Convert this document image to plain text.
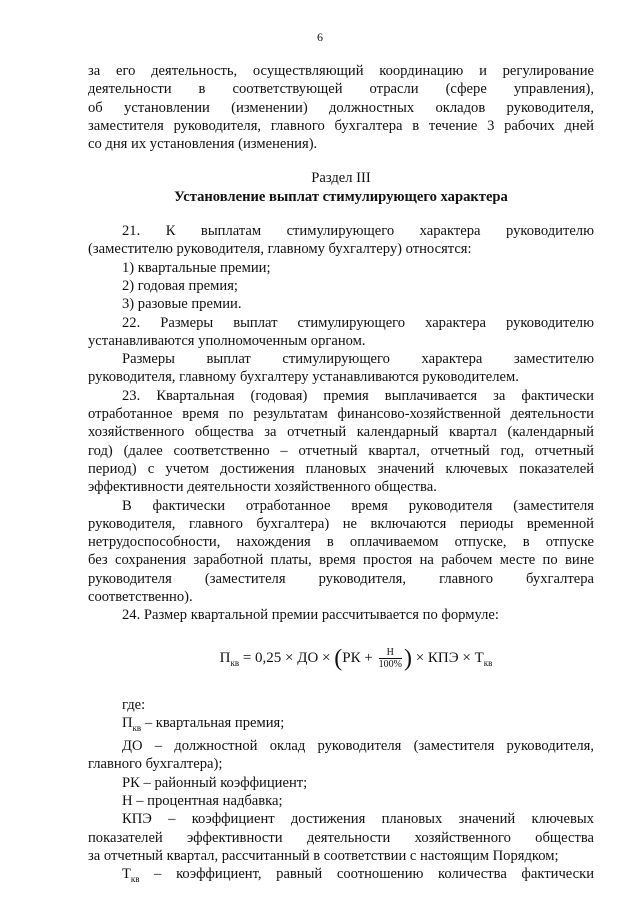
6

за его деятельность, осуществляющий координацию и регулирование

деятельности в соответствующей отрасли (сфере управления),

об установлении (изменении) должностных окладов руководителя,

заместителя руководителя, главного бухгалтера в течение 3 рабочих дней

со дня их установления (изменения).

Раздел III

Установление выплат стимулирующего характера

21. К выплатам стимулирующего характера руководителю

(заместителю руководителя, главному бухгалтеру) относятся:

1) квартальные премии;

2) годовая премия;

3) разовые премии.

22. Размеры выплат стимулирующего характера руководителю

устанавливаются уполномоченным органом.

Размеры выплат стимулирующего характера заместителю

руководителя, главному бухгалтеру устанавливаются руководителем.

23. Квартальная (годовая) премия выплачивается за фактически

отработанное время по результатам финансово-хозяйственной деятельности

хозяйственного общества за отчетный календарный квартал (календарный

год) (далее соответственно – отчетный квартал, отчетный год, отчетный

период) с учетом достижения плановых значений ключевых показателей

эффективности деятельности хозяйственного общества.

В фактически отработанное время руководителя (заместителя

руководителя, главного бухгалтера) не включаются периоды временной

нетрудоспособности, нахождения в оплачиваемом отпуске, в отпуске

без сохранения заработной платы, время простоя на рабочем месте по вине

руководителя (заместителя руководителя, главного бухгалтера

соответственно).

24. Размер квартальной премии рассчитывается по формуле:

$П_{кв} = 0,25$ × ДО × ($РК + \frac{Н}{100\%}$ ) × КПЭ × $Т_{кв}$

где:

$П_{кв}$ – квартальная премия;

ДО – должностной оклад руководителя (заместителя руководителя,

главного бухгалтера);

РК – районный коэффициент;

Н – процентная надбавка;

КПЭ – коэффициент достижения плановых значений ключевых

показателей эффективности деятельности хозяйственного общества

за отчетный квартал, рассчитанный в соответствии с настоящим Порядком;

$Т_{кв}$ – коэффициент, равный соотношению количества фактически
